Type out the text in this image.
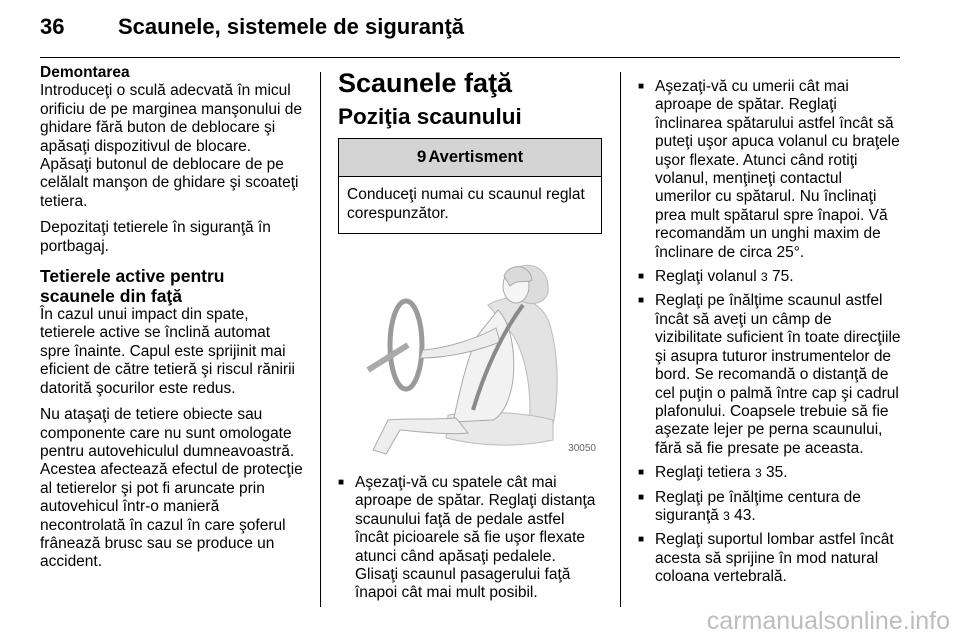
36 Scaunele, sistemele de siguranţă
Demontarea

Introduceţi o sculă adecvată în micul orificiu de pe marginea manşonului de ghidare fără buton de deblocare şi apăsaţi dispozitivul de blocare. Apăsaţi butonul de deblocare de pe celălalt manşon de ghidare şi scoateţi tetiera.

Depozitaţi tetierele în siguranţă în portbagaj.

Tetierele active pentru scaunele din faţă

În cazul unui impact din spate, tetierele active se înclină automat spre înainte. Capul este sprijinit mai eficient de către tetieră şi riscul rănirii datorită şocurilor este redus.

Nu ataşaţi de tetiere obiecte sau componente care nu sunt omologate pentru autovehiculul dumneavoastră. Acestea afectează efectul de protecţie al tetierelor şi pot fi aruncate prin autovehicul într-o manieră necontrolată în cazul în care şoferul frânează brusc sau se produce un accident.

Scaunele faţă
Poziţia scaunului
9 Avertisment
Conduceţi numai cu scaunul reglat corespunzător.
30050
■ Aşezaţi-vă cu spatele cât mai aproape de spătar. Reglaţi distanţa scaunului faţă de pedale astfel încât picioarele să fie uşor flexate atunci când apăsaţi pedalele. Glisaţi scaunul pasagerului faţă înapoi cât mai mult posibil.
■ Aşezaţi-vă cu umerii cât mai aproape de spătar. Reglaţi înclinarea spătarului astfel încât să puteţi uşor apuca volanul cu braţele uşor flexate. Atunci când rotiţi volanul, menţineţi contactul umerilor cu spătarul. Nu înclinaţi prea mult spătarul spre înapoi. Vă recomandăm un unghi maxim de înclinare de circa 25°.
■ Reglaţi volanul 3 75.
■ Reglaţi pe înălţime scaunul astfel încât să aveţi un câmp de vizibilitate suficient în toate direcţiile şi asupra tuturor instrumentelor de bord. Se recomandă o distanţă de cel puţin o palmă între cap şi cadrul plafonului. Coapsele trebuie să fie aşezate lejer pe perna scaunului, fără să fie presate pe aceasta.
■ Reglaţi tetiera 3 35.
■ Reglaţi pe înălţime centura de siguranţă 3 43.
■ Reglaţi suportul lombar astfel încât acesta să sprijine în mod natural coloana vertebrală.
carmanualsonline.info
